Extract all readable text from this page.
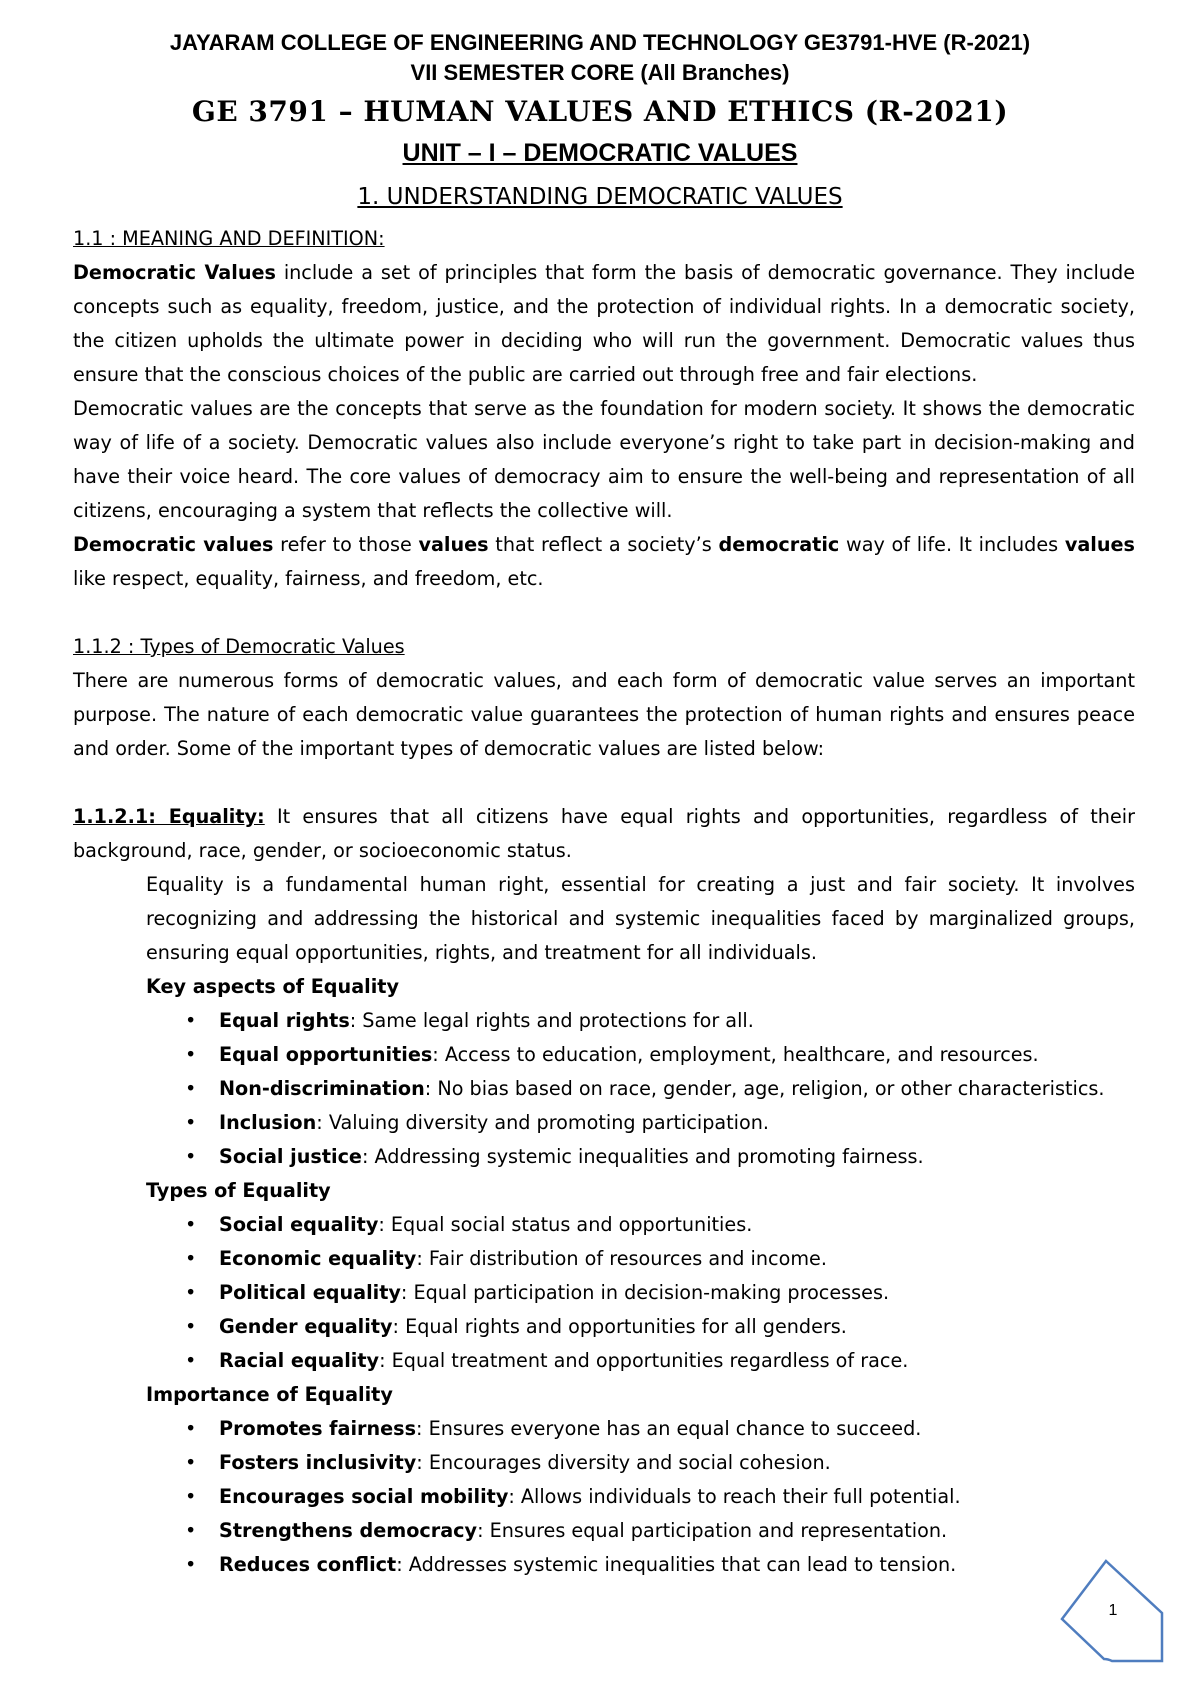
JAYARAM COLLEGE OF ENGINEERING AND TECHNOLOGY GE3791-HVE (R-2021)
VII SEMESTER CORE (All Branches)
GE 3791 – HUMAN VALUES AND ETHICS (R-2021)
UNIT – I – DEMOCRATIC VALUES
1. UNDERSTANDING DEMOCRATIC VALUES

1.1 : MEANING AND DEFINITION:

Democratic Values include a set of principles that form the basis of democratic governance. They include concepts such as equality, freedom, justice, and the protection of individual rights. In a democratic society, the citizen upholds the ultimate power in deciding who will run the government. Democratic values thus ensure that the conscious choices of the public are carried out through free and fair elections.

Democratic values are the concepts that serve as the foundation for modern society. It shows the democratic way of life of a society. Democratic values also include everyone’s right to take part in decision-making and have their voice heard. The core values of democracy aim to ensure the well-being and representation of all citizens, encouraging a system that reflects the collective will.

Democratic values refer to those values that reflect a society’s democratic way of life. It includes values like respect, equality, fairness, and freedom, etc.

1.1.2 : Types of Democratic Values

There are numerous forms of democratic values, and each form of democratic value serves an important purpose. The nature of each democratic value guarantees the protection of human rights and ensures peace and order. Some of the important types of democratic values are listed below:

1.1.2.1: Equality: It ensures that all citizens have equal rights and opportunities, regardless of their background, race, gender, or socioeconomic status.

Equality is a fundamental human right, essential for creating a just and fair society. It involves recognizing and addressing the historical and systemic inequalities faced by marginalized groups, ensuring equal opportunities, rights, and treatment for all individuals.

Key aspects of Equality
• Equal rights: Same legal rights and protections for all.
• Equal opportunities: Access to education, employment, healthcare, and resources.
• Non-discrimination: No bias based on race, gender, age, religion, or other characteristics.
• Inclusion: Valuing diversity and promoting participation.
• Social justice: Addressing systemic inequalities and promoting fairness.
Types of Equality
• Social equality: Equal social status and opportunities.
• Economic equality: Fair distribution of resources and income.
• Political equality: Equal participation in decision-making processes.
• Gender equality: Equal rights and opportunities for all genders.
• Racial equality: Equal treatment and opportunities regardless of race.
Importance of Equality
• Promotes fairness: Ensures everyone has an equal chance to succeed.
• Fosters inclusivity: Encourages diversity and social cohesion.
• Encourages social mobility: Allows individuals to reach their full potential.
• Strengthens democracy: Ensures equal participation and representation.
• Reduces conflict: Addresses systemic inequalities that can lead to tension.
1
